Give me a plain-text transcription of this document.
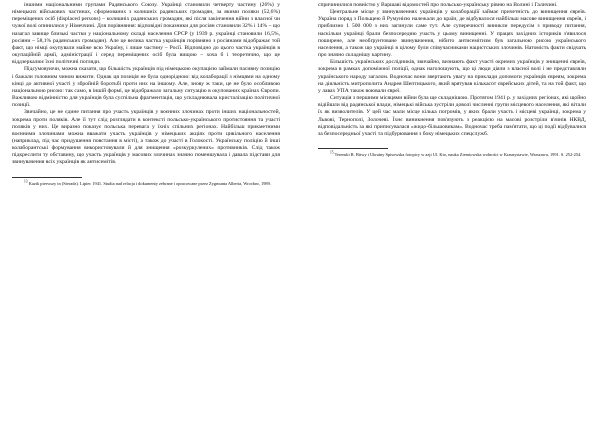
іншими національними групами Радянського Союзу. Українці становили четверту частину (26%) у німецьких військових частинах, сформованих з колишніх радянських громадян, за якими поляки (52,6%) переміщених осіб (displaced persons) – колишніх радянських громадян, які після закінчення війни з власної чи чужої волі опинилися у Німеччині. Для порівняння: відповідні показники для росіян становили 32% і 14% – що назагал завище близькі частки у національному складі населення СРСР (у 1939 р. українці становили 16,5%, росіяни – 58,1% радянських громадян). Але це велика частка українців порівняно з росіянами відображає той факт, що німці окупували майже всю Україну, і лише частину – Росії. Відповідно до цього частка українців в окупаційній армії, адміністрації і серед переміщених осіб була вищою – хоча б і теоретично, що це віддзеркалює їхні політичні погляди.

Підсумовуючи, можна сказати, що більшість українців під німецькою окупацією займали пасивну позицію і бажали головним чином вижити. Однак ця позиція не була однорідною: від колаборації з німцями на одному кінці до активної участі у збройній боротьбі проти них на іншому. Але, знову ж таки, це не було особливою національною рисою: так само, в іншій формі, це відображало загальну ситуацію в окупованих країнах Європи. Важливою відмінністю для українців була суспільна фрагментація, що ускладнювала кристалізацію політичної позиції.

Звичайно, це не єдине питання про участь українців у воєнних злочинах проти інших національностей, зокрема проти поляків. Але її тут слід розглядати в контексті польсько-українського протистояння та участі поляків у них. Це виразно показує польська перевага у їхніх спільних регіонах. Найбільш прикметними воєнними злочинами можна вважати участь українців у німецьких акціях проти цивільного населення (наприклад, під час придушення повстання в місті), а також до участі в Голокості. Українську поліцію й інші колаборантські формування використовували й для знищення «розкуркулених» противників. Слід також підкреслити ту обставину, що участь українців у масових злочинах значно поменшувала і давала підстави для звинувачення всіх українців як антисемітів.

$^{13}$ Kazik pierwszy in (Sieradz). Lipiec 1941. Studia nad relacja i dokumenty zebrane i opracowane przez Zygmunta Alberta, Wrocław, 1989.

спричинилися повністю у Варшаві відомостей про польсько-українську рівню на Волині і Галичині.

Центральне місце у звинуваченнях українців у колабораціїї займає причетність до винищення євреїв. Україна поряд з Польщею й Румунією належали до країн, де відбувалося найбільш масове винищення євреїв, і приблизно 1 500 000 з них загинули саме тут. Але суперечності виникли передусім з приводу питання, наскільки українці брали безпосередню участь у цьому винищенні. У працях західних істориків з'явилося поширене, але необґрунтоване звинувачення, нібито антисемітизм був загальною рисою українського населення, а також що українці в цілому були співучасниками нацистських злочинів. Натомість факти свідчать про значно складнішу картину.

Більшість українських дослідників, звичайно, визнають факт участі окремих українців у знищенні євреїв, зокрема в рамках допоміжної поліції, однак наголошують, що ці люди діяли з власної волі і не представляли українського народу загалом. Водночас вони звертають увагу на приклади допомоги українців євреям, зокрема на діяльність митрополита Андрея Шептицького, який врятував кількасот єврейських дітей, та на той факт, що у лавах УПА також воювали євреї.

Ситуація з першими місяцями війни була ще складнішою. Протягом 1941 р. у західних регіонах, які щойно відійшли від радянської влади, німецькі війська зустріли доволі численні групи місцевого населення, які вітали їх як визволителів. У цей час мали місце кілька погромів, у яких брали участь і місцеві українці, зокрема у Львові, Тернополі, Золочеві. Їхнє виникнення пов'язують з реакцією на масові розстріли в'язнів НКВД, відповідальність за які приписувалася «жидо-більшовикам». Водночас треба пам'ятати, що ці події відбувалися за безпосередньої участі та підбурювання з боку німецьких спецслужб.

$^{15}$ Terenski R. Bitwy i Ukrainy Spisowska fotopicy w azji Ul. Kto, nauka Ziemiowska wolności w Krasnystawie, Warszawa, 1991. S. 252-254.
